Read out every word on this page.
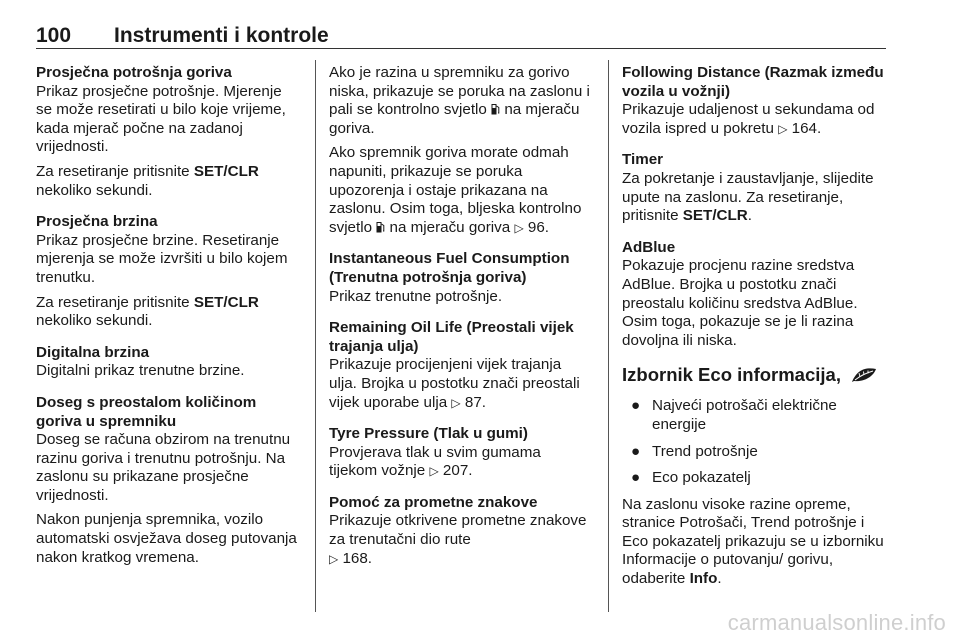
100	Instrumenti i kontrole

Prosječna potrošnja goriva

Prikaz prosječne potrošnje. Mjerenje se može resetirati u bilo koje vrijeme, kada mjerač počne na zadanoj vrijednosti.

Za resetiranje pritisnite SET/CLR nekoliko sekundi.

Prosječna brzina

Prikaz prosječne brzine. Resetiranje mjerenja se može izvršiti u bilo kojem trenutku.

Za resetiranje pritisnite SET/CLR nekoliko sekundi.

Digitalna brzina

Digitalni prikaz trenutne brzine.

Doseg s preostalom količinom goriva u spremniku

Doseg se računa obzirom na trenutnu razinu goriva i trenutnu potrošnju. Na zaslonu su prikazane prosječne vrijednosti.

Nakon punjenja spremnika, vozilo automatski osvježava doseg putovanja nakon kratkog vremena.

Ako je razina u spremniku za gorivo niska, prikazuje se poruka na zaslonu i pali se kontrolno svjetlo  na mjeraču goriva.

Ako spremnik goriva morate odmah napuniti, prikazuje se poruka upozorenja i ostaje prikazana na zaslonu. Osim toga, bljeska kontrolno svjetlo  na mjeraču goriva ▷ 96.

Instantaneous Fuel Consumption (Trenutna potrošnja goriva)

Prikaz trenutne potrošnje.

Remaining Oil Life (Preostali vijek trajanja ulja)

Prikazuje procijenjeni vijek trajanja ulja. Brojka u postotku znači preostali vijek uporabe ulja ▷ 87.

Tyre Pressure (Tlak u gumi)

Provjerava tlak u svim gumama tijekom vožnje ▷ 207.

Pomoć za prometne znakove

Prikazuje otkrivene prometne znakove za trenutačni dio rute
▷ 168.

Following Distance (Razmak između vozila u vožnji)

Prikazuje udaljenost u sekundama od vozila ispred u pokretu ▷ 164.

Timer

Za pokretanje i zaustavljanje, slijedite upute na zaslonu. Za resetiranje, pritisnite SET/CLR.

AdBlue

Pokazuje procjenu razine sredstva AdBlue. Brojka u postotku znači preostalu količinu sredstva AdBlue. Osim toga, pokazuje se je li razina dovoljna ili niska.

Izbornik Eco informacija,
● Najveći potrošači električne energije
● Trend potrošnje
● Eco pokazatelj

Na zaslonu visoke razine opreme, stranice Potrošači, Trend potrošnje i Eco pokazatelj prikazuju se u izborniku Informacije o putovanju/ gorivu, odaberite Info.

carmanualsonline.info
